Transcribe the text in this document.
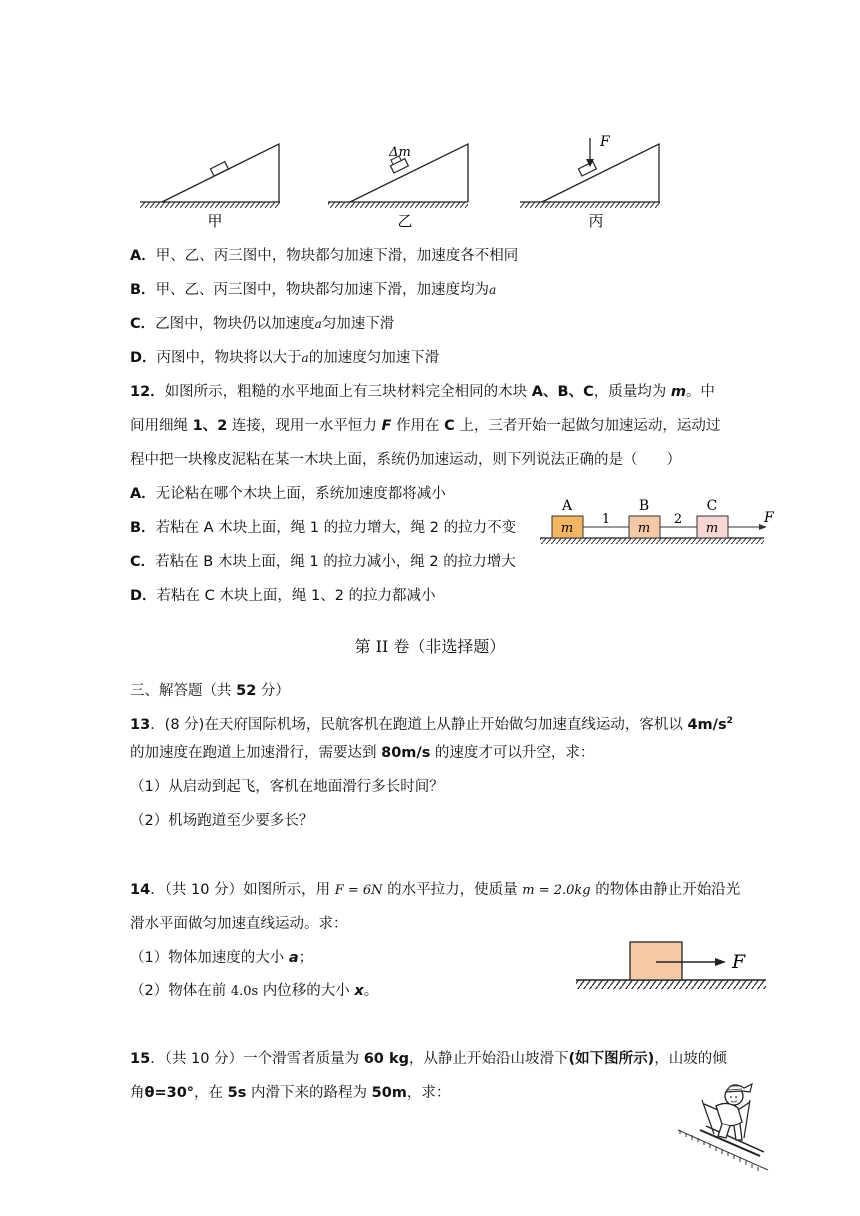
甲
Δm
乙
F
丙
A．甲、乙、丙三图中，物块都匀加速下滑，加速度各不相同
B．甲、乙、丙三图中，物块都匀加速下滑，加速度均为a
C．乙图中，物块仍以加速度a匀加速下滑
D．丙图中，物块将以大于a的加速度匀加速下滑
12．如图所示，粗糙的水平地面上有三块材料完全相同的木块 A、B、C，质量均为 m。中
间用细绳 1、2 连接，现用一水平恒力 F 作用在 C 上，三者开始一起做匀加速运动，运动过
程中把一块橡皮泥粘在某一木块上面，系统仍加速运动，则下列说法正确的是（　　）
A．无论粘在哪个木块上面，系统加速度都将减小
B．若粘在 A 木块上面，绳 1 的拉力增大，绳 2 的拉力不变
C．若粘在 B 木块上面，绳 1 的拉力减小，绳 2 的拉力增大
D．若粘在 C 木块上面，绳 1、2 的拉力都减小
A	B	C
m	m	m
1	2	F
第 II 卷（非选择题）
三、解答题（共 52 分）
13．(8 分)在天府国际机场，民航客机在跑道上从静止开始做匀加速直线运动，客机以 $4m/s^2$
的加速度在跑道上加速滑行，需要达到 80m/s 的速度才可以升空，求：
（1）从启动到起飞，客机在地面滑行多长时间？
（2）机场跑道至少要多长？
14．（共 10 分）如图所示，用 F = 6N 的水平拉力，使质量 m = 2.0kg 的物体由静止开始沿光
滑水平面做匀加速直线运动。求：
（1）物体加速度的大小 a；
（2）物体在前 4.0s 内位移的大小 x。
F
15．（共 10 分）一个滑雪者质量为 60 kg，从静止开始沿山坡滑下(如下图所示)，山坡的倾
角θ=30°，在 5s 内滑下来的路程为 50m，求：
